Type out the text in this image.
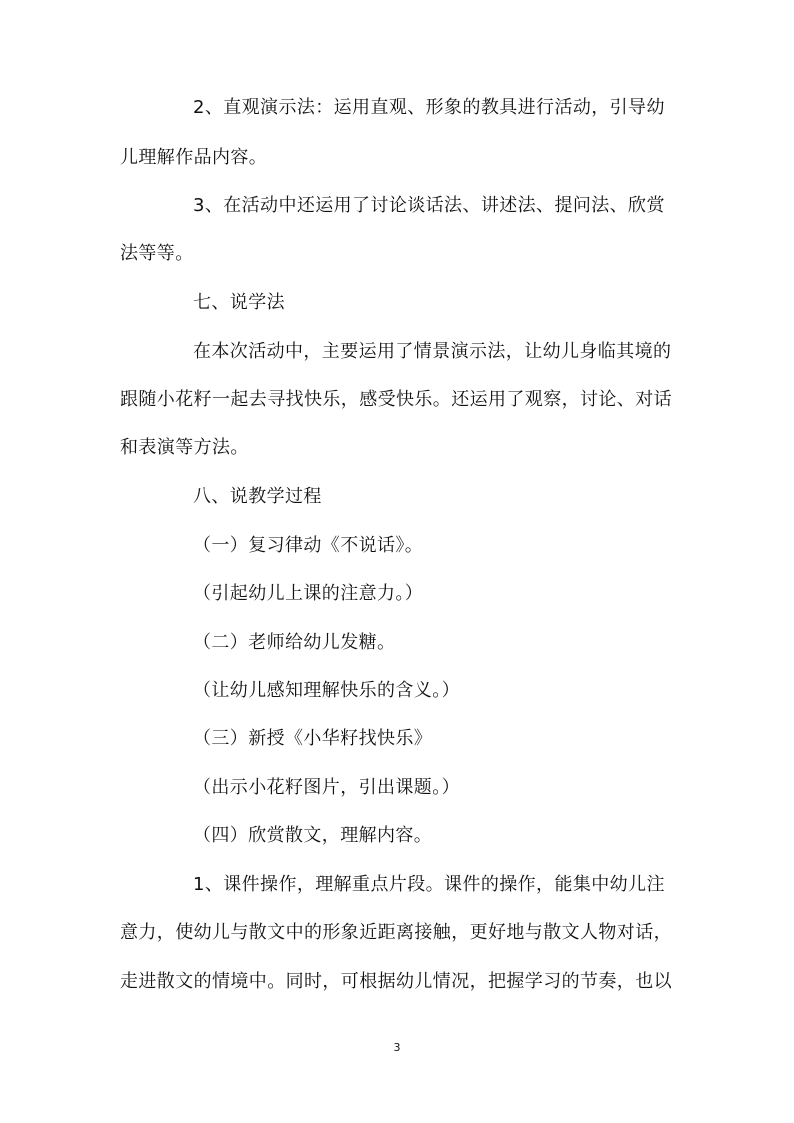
2、直观演示法：运用直观、形象的教具进行活动，引导幼
儿理解作品内容。
3、在活动中还运用了讨论谈话法、讲述法、提问法、欣赏
法等等。
七、说学法
在本次活动中，主要运用了情景演示法，让幼儿身临其境的
跟随小花籽一起去寻找快乐，感受快乐。还运用了观察，讨论、对话
和表演等方法。
八、说教学过程
（一）复习律动《不说话》。
（引起幼儿上课的注意力。）
（二）老师给幼儿发糖。
（让幼儿感知理解快乐的含义。）
（三）新授《小华籽找快乐》
（出示小花籽图片，引出课题。）
（四）欣赏散文，理解内容。
1、课件操作，理解重点片段。课件的操作，能集中幼儿注
意力，使幼儿与散文中的形象近距离接触，更好地与散文人物对话，
走进散文的情境中。同时，可根据幼儿情况，把握学习的节奏，也以
3
